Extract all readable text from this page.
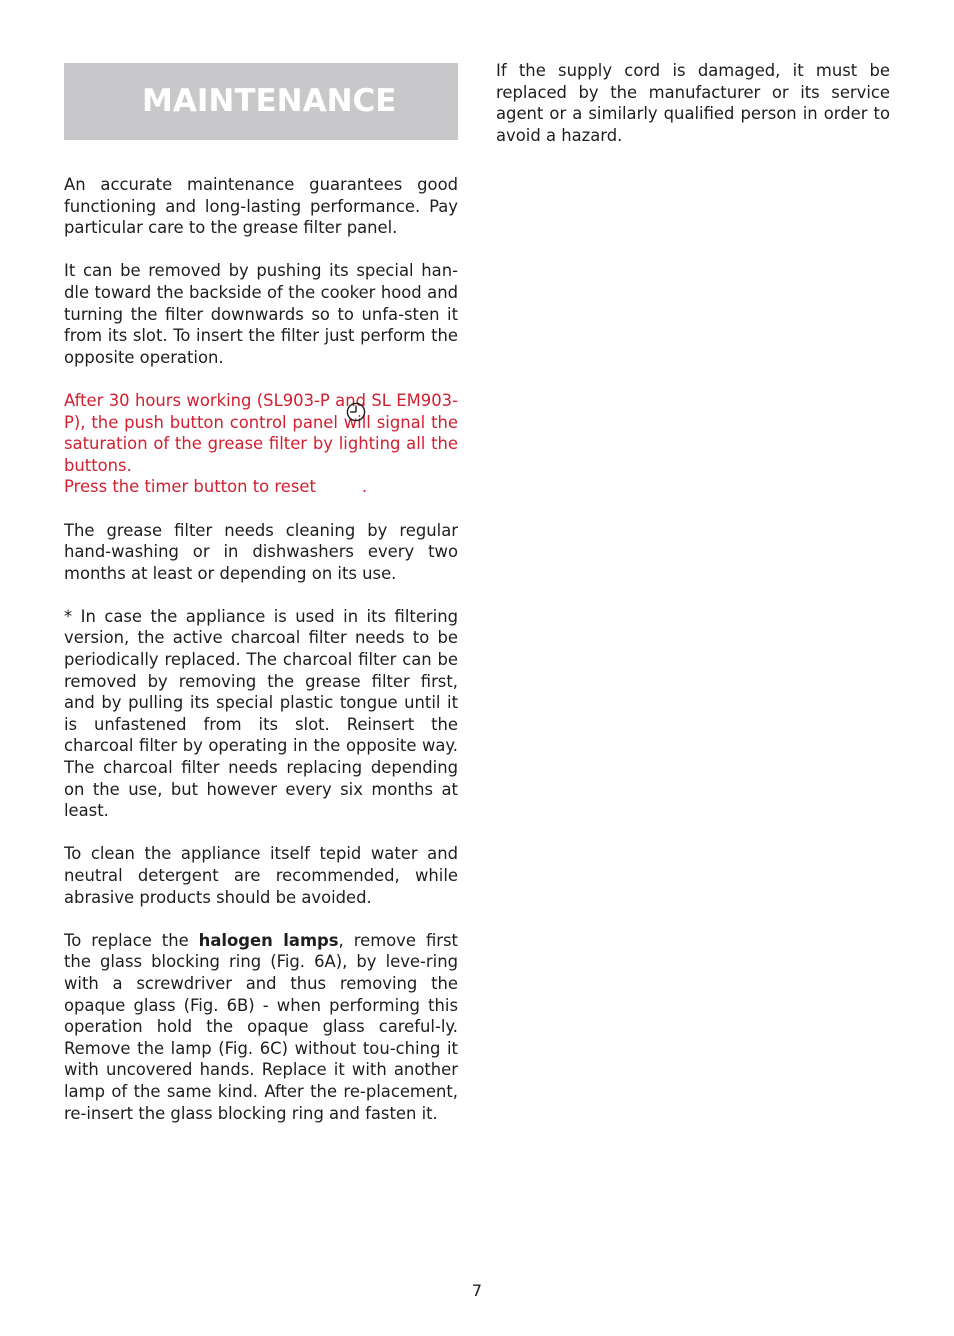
MAINTENANCE

An accurate maintenance guarantees good functioning and long-lasting performance. Pay particular care to the grease filter panel.

It can be removed by pushing its special han-dle toward the backside of the cooker hood and turning the filter downwards so to unfa-sten it from its slot. To insert the filter just perform the opposite operation.

After 30 hours working (SL903-P and SL EM903-P), the push button control panel will signal the saturation of the grease filter by lighting all the buttons.
Press the timer button to reset	.

The grease filter needs cleaning by regular hand-washing or in dishwashers every two months at least or depending on its use.

* In case the appliance is used in its filtering version, the active charcoal filter needs to be periodically replaced. The charcoal filter can be removed by removing the grease filter first, and by pulling its special plastic tongue until it is unfastened from its slot. Reinsert the charcoal filter by operating in the opposite way. The charcoal filter needs replacing depending on the use, but however every six months at least.

To clean the appliance itself tepid water and neutral detergent are recommended, while abrasive products should be avoided.

To replace the halogen lamps, remove first the glass blocking ring (Fig. 6A), by leve-ring with a screwdriver and thus removing the opaque glass (Fig. 6B) - when performing this operation hold the opaque glass careful-ly. Remove the lamp (Fig. 6C) without tou-ching it with uncovered hands. Replace it with another lamp of the same kind. After the re-placement, re-insert the glass blocking ring and fasten it.

If the supply cord is damaged, it must be replaced by the manufacturer or its service agent or a similarly qualified person in order to avoid a hazard.

7
